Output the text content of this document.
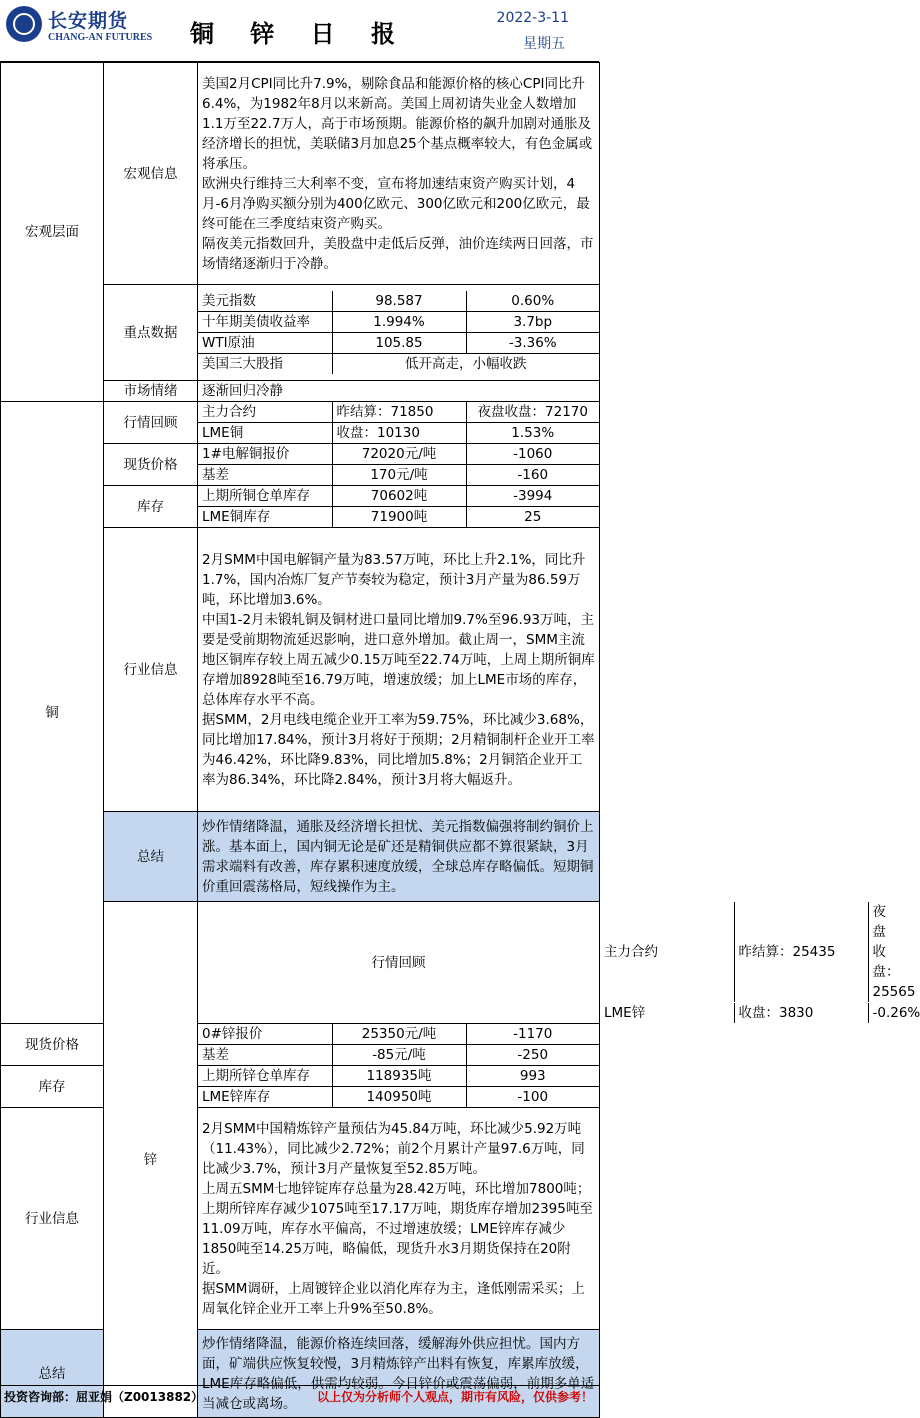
长安期货
CHANG-AN FUTURES	铜 锌 日 报
2022-3-11
星期五
宏观层面	宏观信息	
美国2月CPI同比升7.9%，剔除食品和能源价格的核心CPI同比升6.4%，为1982年8月以来新高。美国上周初请失业金人数增加1.1万至22.7万人，高于市场预期。能源价格的飙升加剧对通胀及经济增长的担忧，美联储3月加息25个基点概率较大，有色金属或将承压。
欧洲央行维持三大利率不变，宣布将加速结束资产购买计划，4月-6月净购买额分别为400亿欧元、300亿欧元和200亿欧元，最终可能在三季度结束资产购买。
隔夜美元指数回升，美股盘中走低后反弹，油价连续两日回落，市场情绪逐渐归于冷静。

重点数据	
美元指数	98.587	0.60%
十年期美债收益率	1.994%	3.7bp
WTI原油	105.85	-3.36%
美国三大股指	低开高走，小幅收跌

市场情绪	逐渐回归冷静
铜	行情回顾	
主力合约	昨结算：71850	夜盘收盘：72170

LME铜	收盘：10130	1.53%

现货价格	
1#电解铜报价	72020元/吨	-1060

基差	170元/吨	-160

库存	
上期所铜仓单库存	70602吨	-3994

LME铜库存	71900吨	25

行业信息	
2月SMM中国电解铜产量为83.57万吨，环比上升2.1%，同比升1.7%，国内冶炼厂复产节奏较为稳定，预计3月产量为86.59万吨，环比增加3.6%。
中国1-2月未锻轧铜及铜材进口量同比增加9.7%至96.93万吨，主要是受前期物流延迟影响，进口意外增加。截止周一，SMM主流地区铜库存较上周五减少0.15万吨至22.74万吨，上周上期所铜库存增加8928吨至16.79万吨，增速放缓；加上LME市场的库存，总体库存水平不高。
据SMM，2月电线电缆企业开工率为59.75%，环比减少3.68%，同比增加17.84%，预计3月将好于预期；2月精铜制杆企业开工率为46.42%，环比降9.83%，同比增加5.8%；2月铜箔企业开工率为86.34%，环比降2.84%，预计3月将大幅返升。

总结	炒作情绪降温，通胀及经济增长担忧、美元指数偏强将制约铜价上涨。基本面上，国内铜无论是矿还是精铜供应都不算很紧缺，3月需求端料有改善，库存累积速度放缓，全球总库存略偏低。短期铜价重回震荡格局，短线操作为主。
锌	行情回顾	
主力合约	昨结算：25435	夜盘收盘：25565

LME锌	收盘：3830	-0.26%

现货价格	
0#锌报价	25350元/吨	-1170

基差	-85元/吨	-250

库存	
上期所锌仓单库存	118935吨	993

LME锌库存	140950吨	-100

行业信息	
2月SMM中国精炼锌产量预估为45.84万吨，环比减少5.92万吨（11.43%），同比减少2.72%；前2个月累计产量97.6万吨，同比减少3.7%，预计3月产量恢复至52.85万吨。
上周五SMM七地锌锭库存总量为28.42万吨，环比增加7800吨；上期所锌库存减少1075吨至17.17万吨，期货库存增加2395吨至11.09万吨，库存水平偏高，不过增速放缓；LME锌库存减少1850吨至14.25万吨，略偏低，现货升水3月期货保持在20附近。
据SMM调研，上周镀锌企业以消化库存为主，逢低刚需采买；上周氧化锌企业开工率上升9%至50.8%。

总结	炒作情绪降温，能源价格连续回落，缓解海外供应担忧。国内方面，矿端供应恢复较慢，3月精炼锌产出料有恢复，库累库放缓，LME库存略偏低，供需均较弱。今日锌价或震荡偏弱，前期多单适当减仓或离场。
投资咨询部：屈亚娟（Z0013882）	以上仅为分析师个人观点，期市有风险，仅供参考！
